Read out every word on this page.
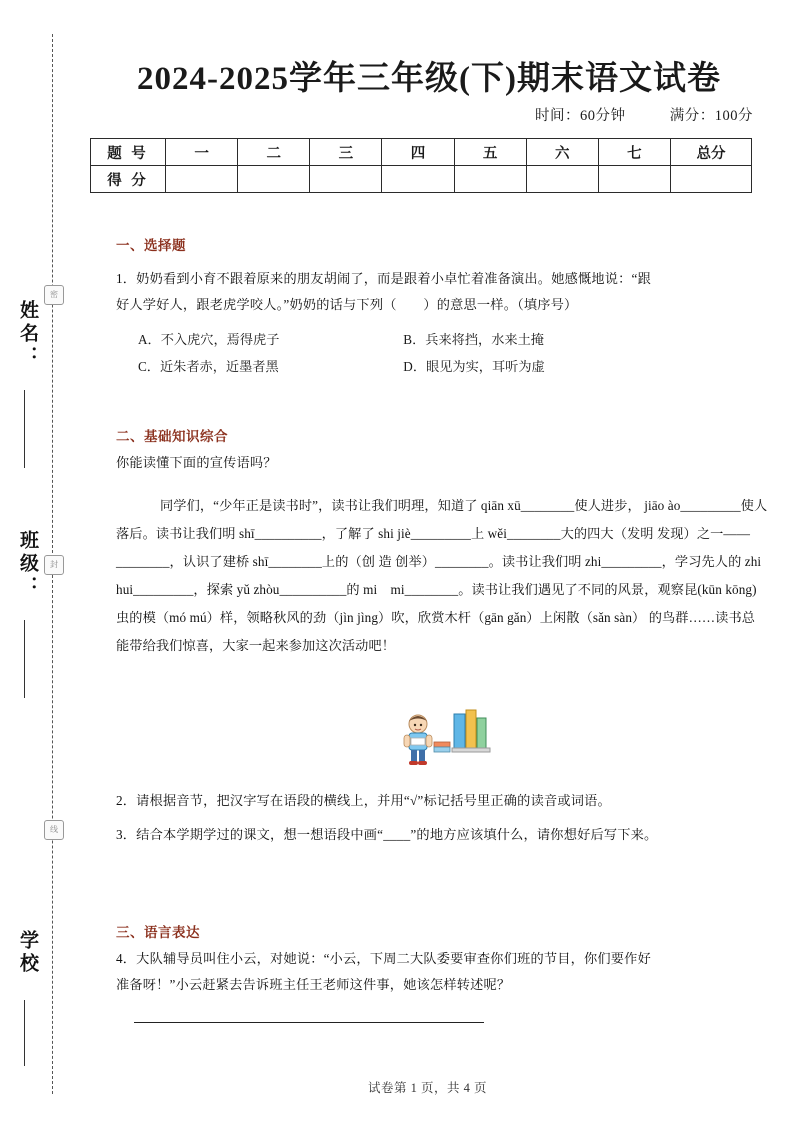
姓名：
班级：
学校
密
封
线
2024-2025学年三年级(下)期末语文试卷
时间：60分钟	满分：100分
题 号	一	二	三	四	五	六	七	总分
得 分								
一、选择题
1．奶奶看到小育不跟着原来的朋友胡闹了，而是跟着小卓忙着准备演出。她感慨地说：“跟
好人学好人，跟老虎学咬人。”奶奶的话与下列（　　）的意思一样。（填序号）
A．不入虎穴，焉得虎子	B．兵来将挡，水来土掩 C．近朱者赤，近墨者黑	D．眼见为实，耳听为虚
二、基础知识综合
你能读懂下面的宣传语吗？
同学们，“少年正是读书时”，读书让我们明理，知道了 qiān xū________使人进步， jiāo ào_________使人落后。读书让我们明 shī__________，了解了 shi jiè_________上 wěi________大的四大（发明 发现）之一——________，认识了建桥 shī________上的（创 造 创举）________。读书让我们明 zhi_________，学习先人的 zhi hui_________，探索 yǔ zhòu__________的 mi　mi________。读书让我们遇见了不同的风景，观察昆(kūn kōng) 虫的模（mó mú）样，领略秋风的劲（jìn jìng）吹，欣赏木杆（gān gǎn）上闲散（sǎn sàn） 的鸟群……读书总能带给我们惊喜，大家一起来参加这次活动吧！
2．请根据音节，把汉字写在语段的横线上，并用“√”标记括号里正确的读音或词语。
3．结合本学期学过的课文，想一想语段中画“____”的地方应该填什么，请你想好后写下来。
三、语言表达
4．大队辅导员叫住小云，对她说：“小云，下周二大队委要审查你们班的节目，你们要作好
准备呀！”小云赶紧去告诉班主任王老师这件事，她该怎样转述呢？
试卷第 1 页，共 4 页
